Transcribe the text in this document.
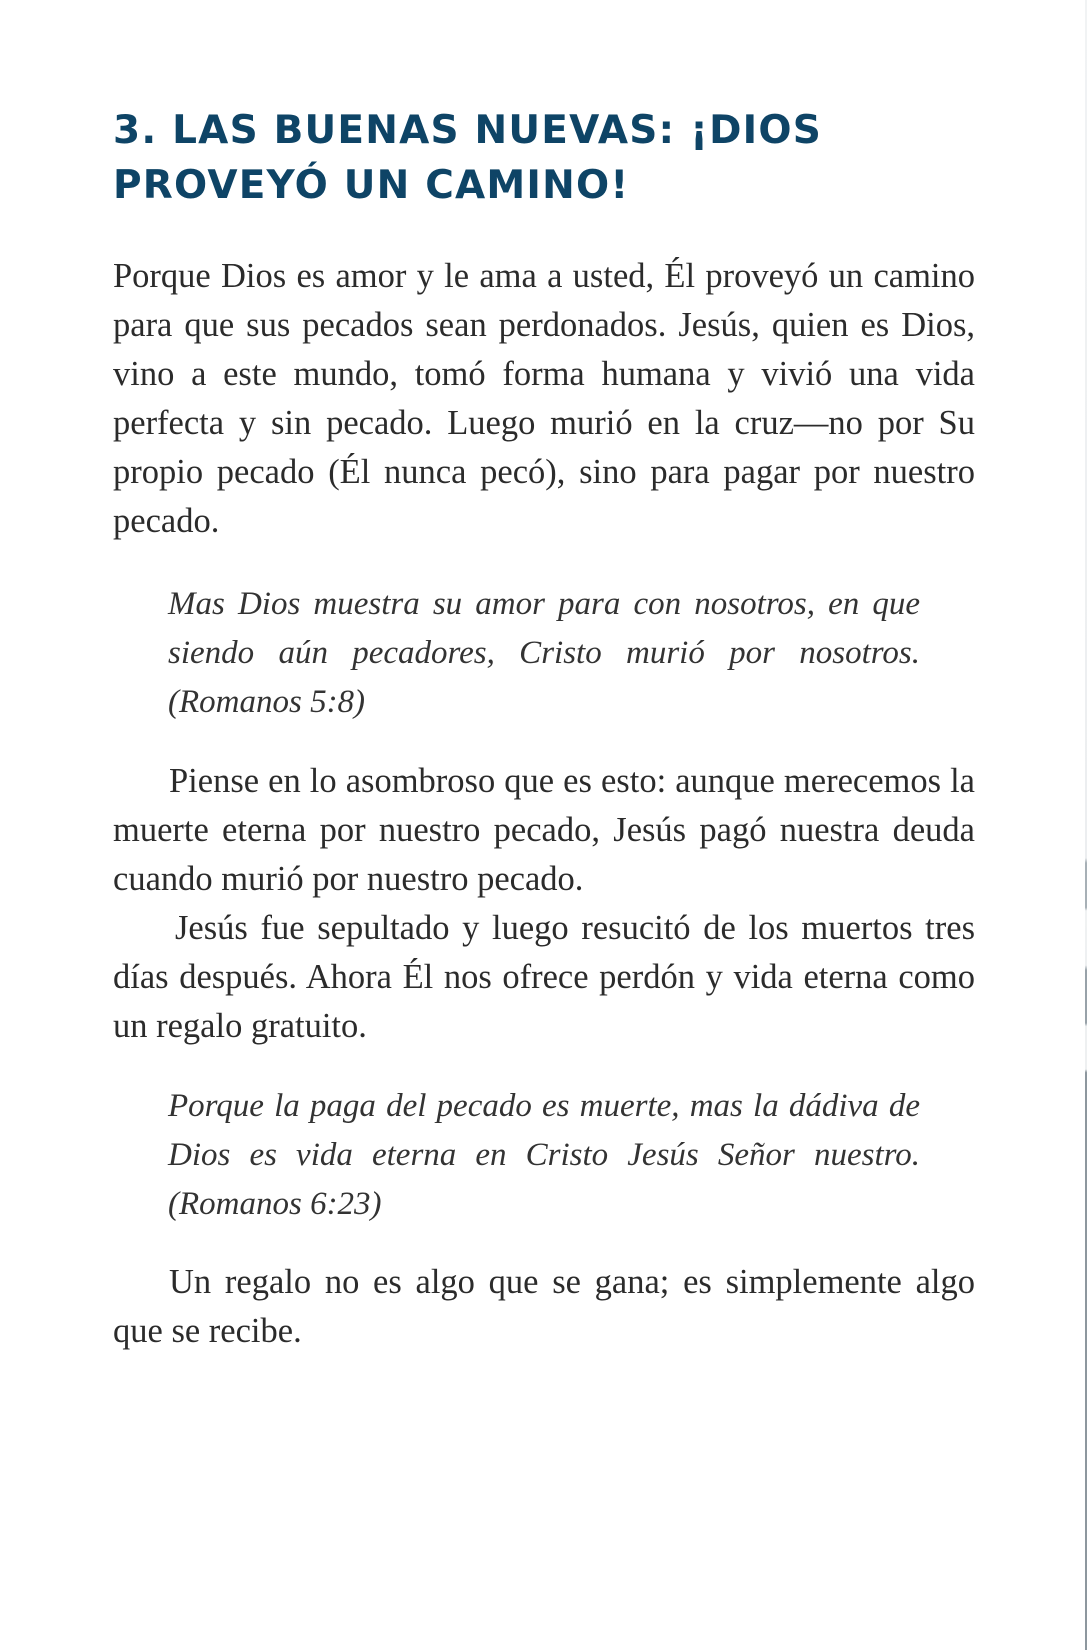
3. LAS BUENAS NUEVAS: ¡DIOS
PROVEYÓ UN CAMINO!

Porque Dios es amor y le ama a usted, Él proveyó un camino para que sus pecados sean perdonados. Jesús, quien es Dios, vino a este mundo, tomó forma humana y vivió una vida perfecta y sin pecado. Luego murió en la cruz—no por Su propio pecado (Él nunca pecó), sino para pagar por nuestro pecado.

Mas Dios muestra su amor para con nosotros, en que siendo aún pecadores, Cristo murió por nosotros. (Romanos 5:8)

Piense en lo asombroso que es esto: aunque merecemos la muerte eterna por nuestro pecado, Jesús pagó nuestra deuda cuando murió por nuestro pecado.

Jesús fue sepultado y luego resucitó de los muertos tres días después. Ahora Él nos ofrece perdón y vida eterna como un regalo gratuito.

Porque la paga del pecado es muerte, mas la dádiva de Dios es vida eterna en Cristo Jesús Señor nuestro. (Romanos 6:23)

Un regalo no es algo que se gana; es simplemente algo que se recibe.
